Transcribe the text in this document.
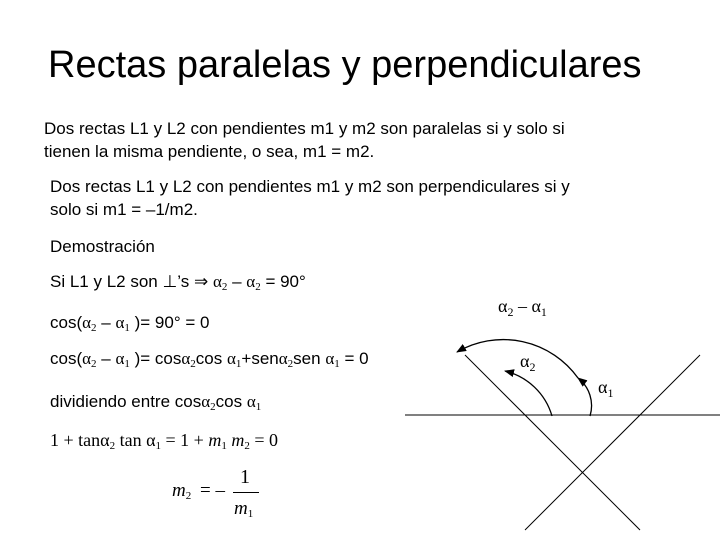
Rectas paralelas y perpendiculares
Dos rectas L1 y L2 con pendientes m1 y m2 son paralelas si y solo si
tienen la misma pendiente, o sea, m1 = m2.
Dos rectas L1 y L2 con pendientes m1 y m2 son perpendiculares si y
solo si m1 = –1/m2.
Demostración
Si L1 y L2 son ⊥’s ⇒ $\alpha_2 - \alpha_2 = 90^\circ$
$\cos(\alpha_2 - \alpha_1$ )= 90° = 0
$\cos(\alpha_2 - \alpha_1$ )= cosα$_2$cos $\alpha_1+sen\alpha_2sen$ $\alpha_1 = 0$
dividiendo entre cosα$_2$cos $\alpha_1$
1 + tanα$_2$ $\tan \alpha_1 = 1 + m_1$ $m_2 = 0$
$m_2$ = –
1
$m_1$
$\alpha_2 - \alpha_1$
$\alpha_2$
$\alpha_1$
